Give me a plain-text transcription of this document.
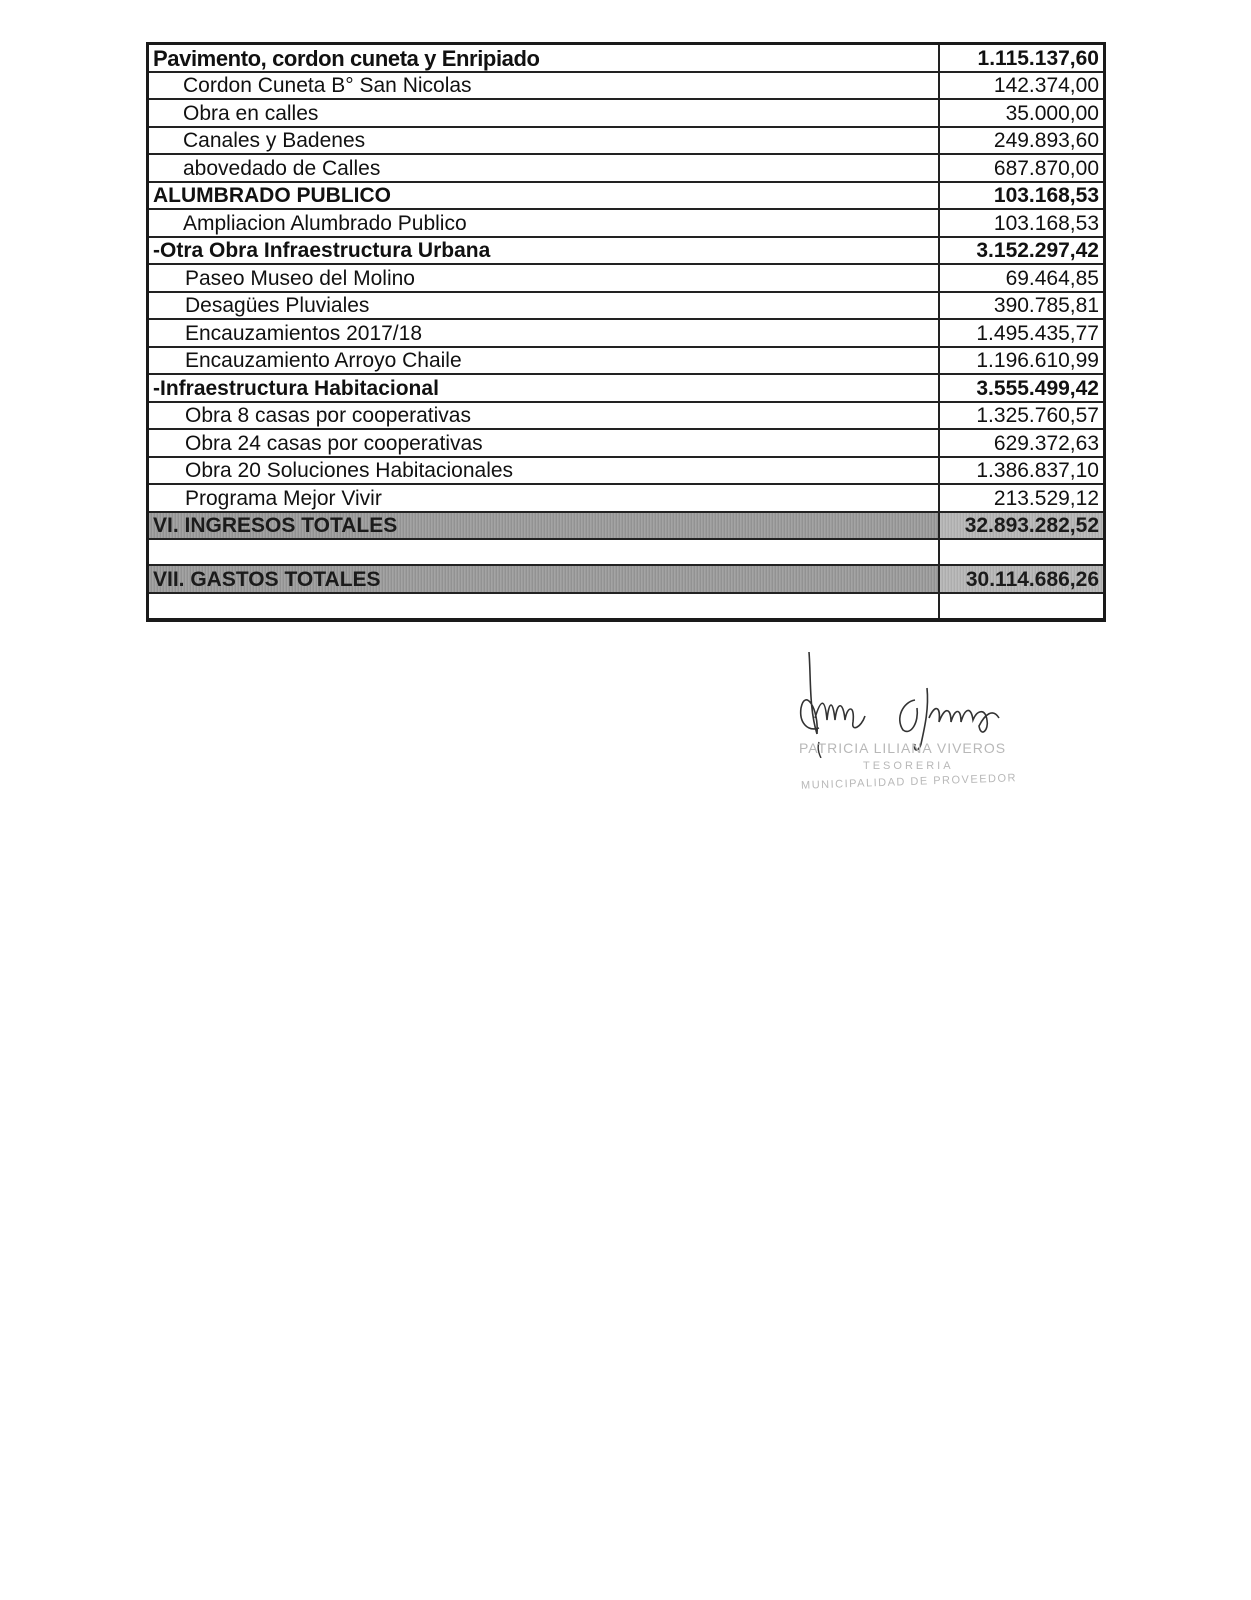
Pavimento, cordon cuneta y Enripiado	1.115.137,60
Cordon Cuneta B° San Nicolas	142.374,00
Obra en calles	35.000,00
Canales y Badenes	249.893,60
abovedado de Calles	687.870,00
ALUMBRADO PUBLICO	103.168,53
Ampliacion Alumbrado Publico	103.168,53
-Otra Obra Infraestructura Urbana	3.152.297,42
Paseo Museo del Molino	69.464,85
Desagües Pluviales	390.785,81
Encauzamientos 2017/18	1.495.435,77
Encauzamiento Arroyo Chaile	1.196.610,99
-Infraestructura Habitacional	3.555.499,42
Obra 8 casas por cooperativas	1.325.760,57
Obra 24 casas por cooperativas	629.372,63
Obra 20 Soluciones Habitacionales	1.386.837,10
Programa Mejor Vivir	213.529,12
VI. INGRESOS TOTALES	32.893.282,52

VII. GASTOS TOTALES	30.114.686,26

PATRICIA LILIANA VIVEROS
TESORERIA
MUNICIPALIDAD DE PROVEEDOR
